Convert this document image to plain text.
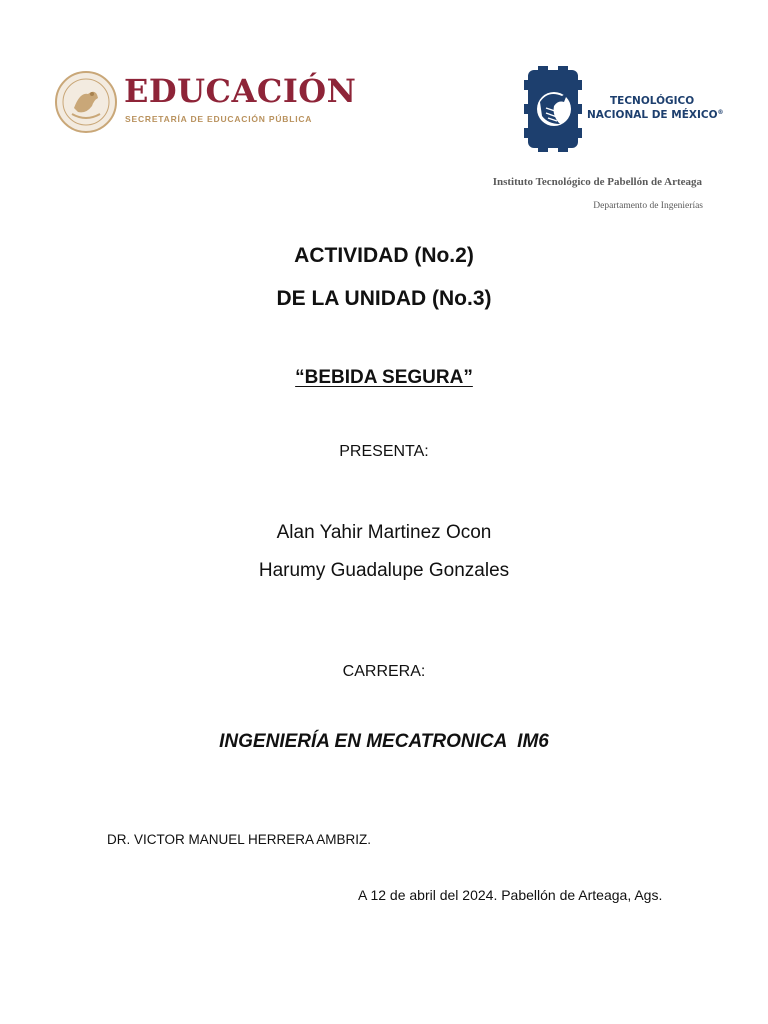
EDUCACIÓN
SECRETARÍA DE EDUCACIÓN PÚBLICA
TECNOLÓGICO
NACIONAL DE MÉXICO®
Instituto Tecnológico de Pabellón de Arteaga
Departamento de Ingenierías
ACTIVIDAD (No.2)
DE LA UNIDAD (No.3)
“BEBIDA SEGURA”
PRESENTA:
Alan Yahir Martinez Ocon
Harumy Guadalupe Gonzales
CARRERA:
INGENIERÍA EN MECATRONICA  IM6
DR. VICTOR MANUEL HERRERA AMBRIZ.
A 12 de abril del 2024. Pabellón de Arteaga, Ags.
